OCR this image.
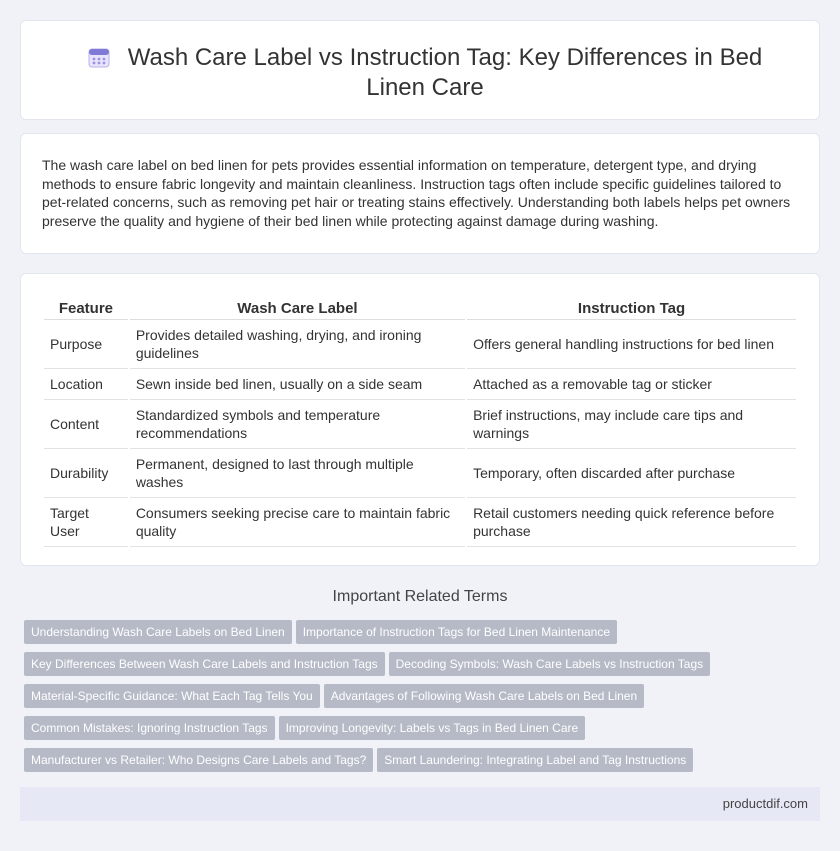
Wash Care Label vs Instruction Tag: Key Differences in Bed Linen Care

The wash care label on bed linen for pets provides essential information on temperature, detergent type, and drying methods to ensure fabric longevity and maintain cleanliness. Instruction tags often include specific guidelines tailored to pet-related concerns, such as removing pet hair or treating stains effectively. Understanding both labels helps pet owners preserve the quality and hygiene of their bed linen while protecting against damage during washing.

Feature	Wash Care Label	Instruction Tag
Purpose	Provides detailed washing, drying, and ironing guidelines	Offers general handling instructions for bed linen
Location	Sewn inside bed linen, usually on a side seam	Attached as a removable tag or sticker
Content	Standardized symbols and temperature recommendations	Brief instructions, may include care tips and warnings
Durability	Permanent, designed to last through multiple washes	Temporary, often discarded after purchase
Target User	Consumers seeking precise care to maintain fabric quality	Retail customers needing quick reference before purchase
Important Related Terms
Understanding Wash Care Labels on Bed Linen Importance of Instruction Tags for Bed Linen Maintenance
Key Differences Between Wash Care Labels and Instruction Tags Decoding Symbols: Wash Care Labels vs Instruction Tags
Material-Specific Guidance: What Each Tag Tells You Advantages of Following Wash Care Labels on Bed Linen
Common Mistakes: Ignoring Instruction Tags Improving Longevity: Labels vs Tags in Bed Linen Care
Manufacturer vs Retailer: Who Designs Care Labels and Tags? Smart Laundering: Integrating Label and Tag Instructions
productdif.com
